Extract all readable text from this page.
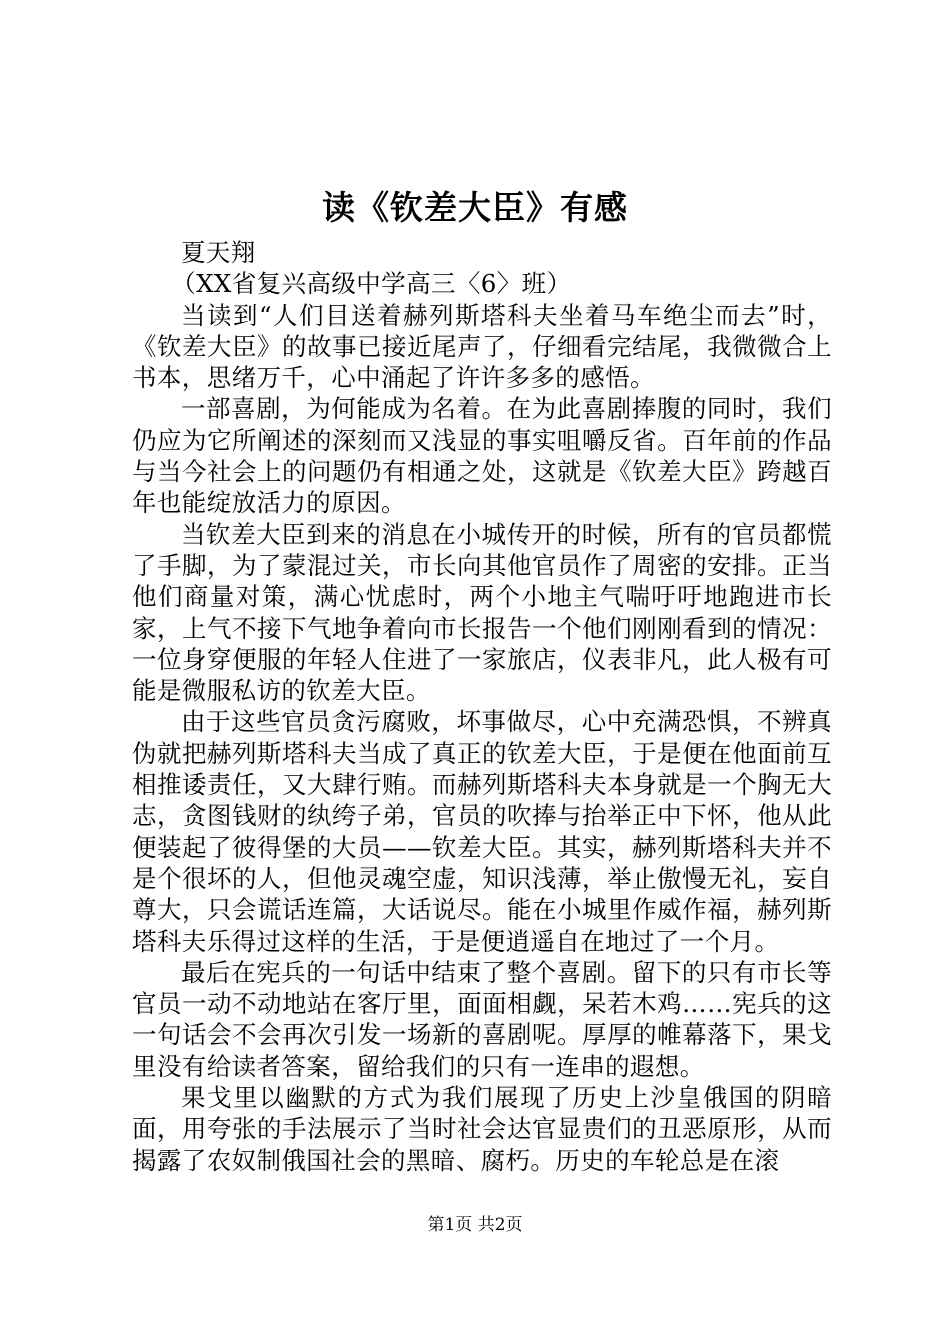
读《钦差大臣》有感

夏天翔

（XX省复兴高级中学高三〈6〉班）

当读到“人们目送着赫列斯塔科夫坐着马车绝尘而去”时，《钦差大臣》的故事已接近尾声了，仔细看完结尾，我微微合上书本，思绪万千，心中涌起了许许多多的感悟。

一部喜剧，为何能成为名着。在为此喜剧捧腹的同时，我们仍应为它所阐述的深刻而又浅显的事实咀嚼反省。百年前的作品与当今社会上的问题仍有相通之处，这就是《钦差大臣》跨越百年也能绽放活力的原因。

当钦差大臣到来的消息在小城传开的时候，所有的官员都慌了手脚，为了蒙混过关，市长向其他官员作了周密的安排。正当他们商量对策，满心忧虑时，两个小地主气喘吁吁地跑进市长家，上气不接下气地争着向市长报告一个他们刚刚看到的情况：一位身穿便服的年轻人住进了一家旅店，仪表非凡，此人极有可能是微服私访的钦差大臣。

由于这些官员贪污腐败，坏事做尽，心中充满恐惧，不辨真伪就把赫列斯塔科夫当成了真正的钦差大臣，于是便在他面前互相推诿责任，又大肆行贿。而赫列斯塔科夫本身就是一个胸无大志，贪图钱财的纨绔子弟，官员的吹捧与抬举正中下怀，他从此便装起了彼得堡的大员——钦差大臣。其实，赫列斯塔科夫并不是个很坏的人，但他灵魂空虚，知识浅薄，举止傲慢无礼，妄自尊大，只会谎话连篇，大话说尽。能在小城里作威作福，赫列斯塔科夫乐得过这样的生活，于是便逍遥自在地过了一个月。

最后在宪兵的一句话中结束了整个喜剧。留下的只有市长等官员一动不动地站在客厅里，面面相觑，呆若木鸡……宪兵的这一句话会不会再次引发一场新的喜剧呢。厚厚的帷幕落下，果戈里没有给读者答案，留给我们的只有一连串的遐想。

果戈里以幽默的方式为我们展现了历史上沙皇俄国的阴暗面，用夸张的手法展示了当时社会达官显贵们的丑恶原形，从而揭露了农奴制俄国社会的黑暗、腐朽。历史的车轮总是在滚

第1页 共2页
